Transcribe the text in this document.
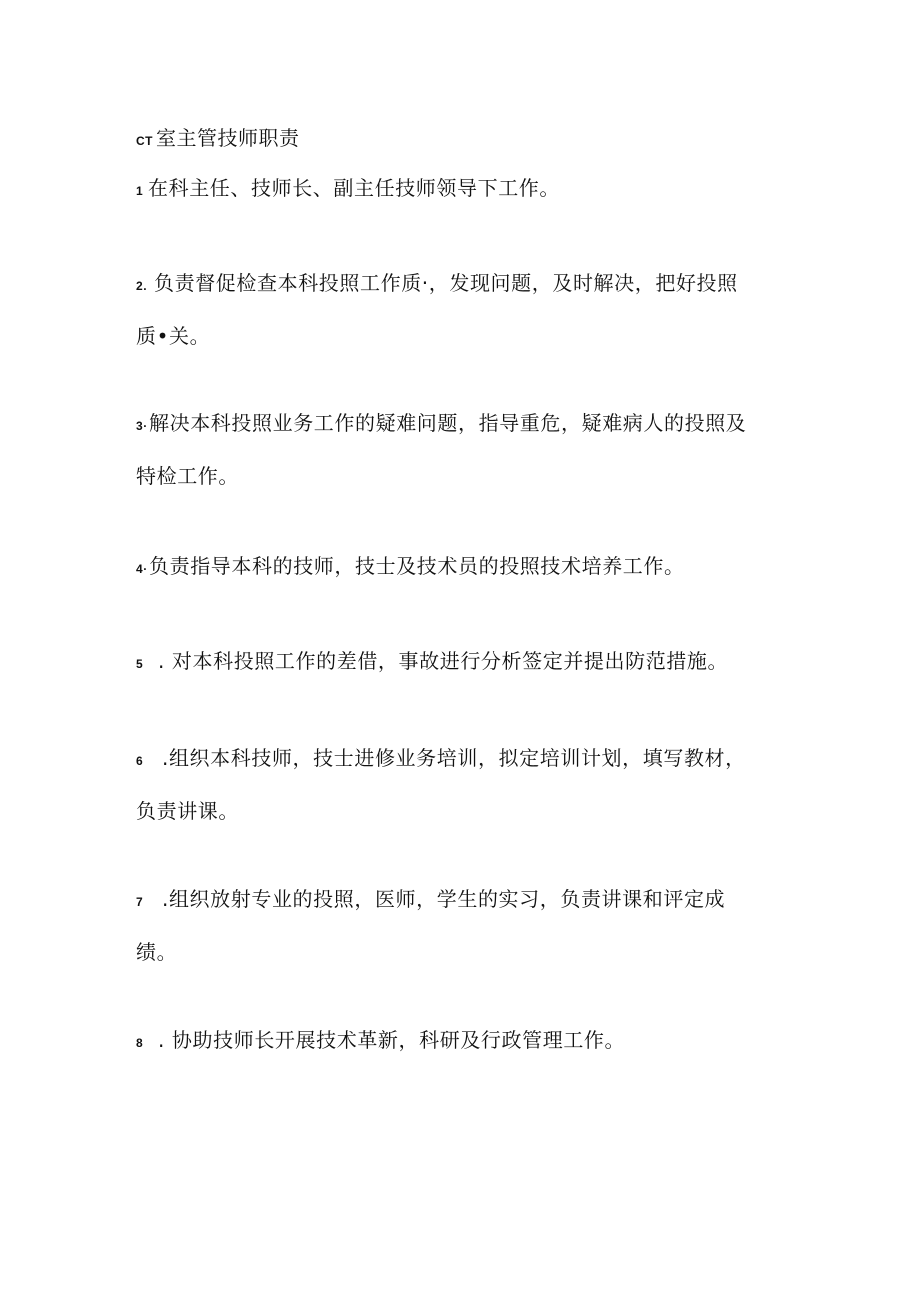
CT 室主管技师职责
1 在科主任、技师长、副主任技师领导下工作。
2. 负责督促检查本科投照工作质·，发现问题，及时解决，把好投照
质•关。
3·解决本科投照业务工作的疑难问题，指导重危，疑难病人的投照及
特检工作。
4·负责指导本科的技师，技士及技术员的投照技术培养工作。
5 . 对本科投照工作的差借，事故进行分析签定并提出防范措施。
6 .组织本科技师，技士进修业务培训，拟定培训计划，填写教材，
负责讲课。
7 .组织放射专业的投照，医师，学生的实习，负责讲课和评定成
绩。
8 . 协助技师长开展技术革新，科研及行政管理工作。
